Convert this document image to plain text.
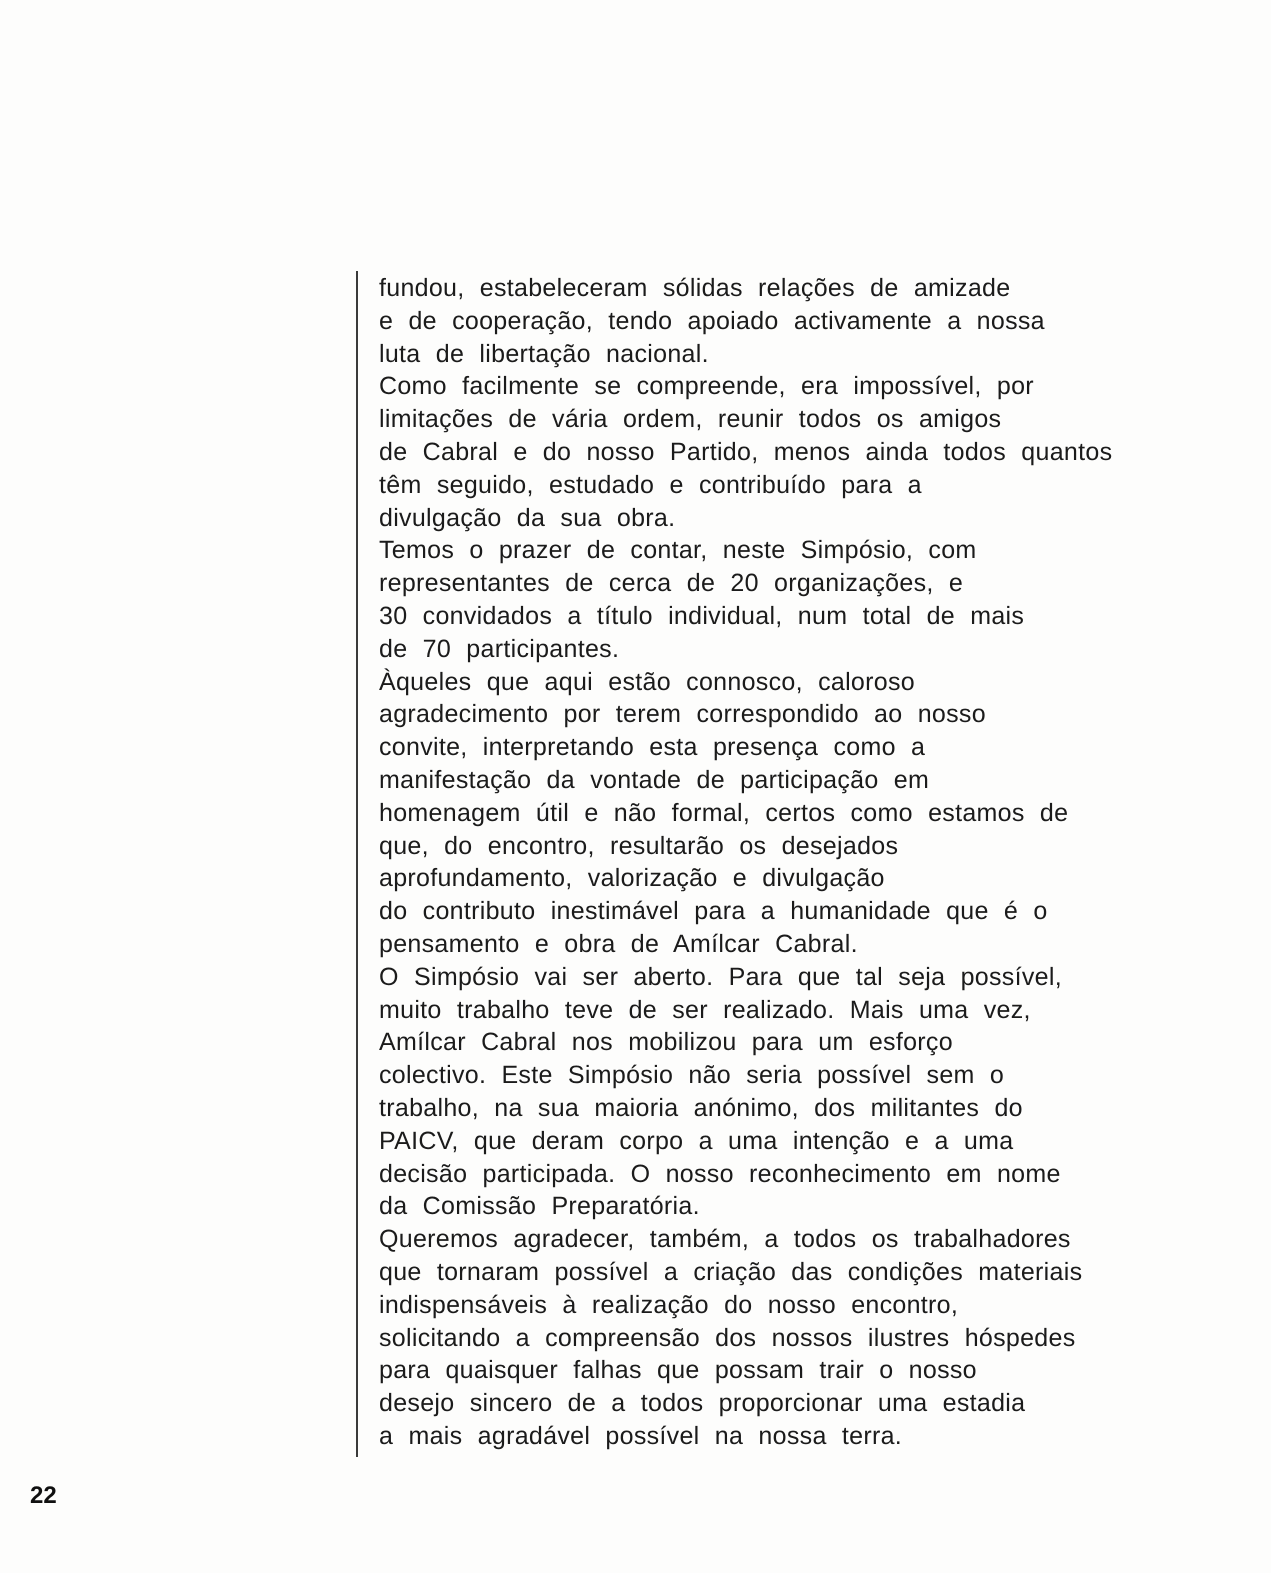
fundou, estabeleceram sólidas relações de amizade
e de cooperação, tendo apoiado activamente a nossa
luta de libertação nacional.
Como facilmente se compreende, era impossível, por
limitações de vária ordem, reunir todos os amigos
de Cabral e do nosso Partido, menos ainda todos quantos
têm seguido, estudado e contribuído para a
divulgação da sua obra.
Temos o prazer de contar, neste Simpósio, com
representantes de cerca de 20 organizações, e
30 convidados a título individual, num total de mais
de 70 participantes.
Àqueles que aqui estão connosco, caloroso
agradecimento por terem correspondido ao nosso
convite, interpretando esta presença como a
manifestação da vontade de participação em
homenagem útil e não formal, certos como estamos de
que, do encontro, resultarão os desejados
aprofundamento, valorização e divulgação
do contributo inestimável para a humanidade que é o
pensamento e obra de Amílcar Cabral.
O Simpósio vai ser aberto. Para que tal seja possível,
muito trabalho teve de ser realizado. Mais uma vez,
Amílcar Cabral nos mobilizou para um esforço
colectivo. Este Simpósio não seria possível sem o
trabalho, na sua maioria anónimo, dos militantes do
PAICV, que deram corpo a uma intenção e a uma
decisão participada. O nosso reconhecimento em nome
da Comissão Preparatória.
Queremos agradecer, também, a todos os trabalhadores
que tornaram possível a criação das condições materiais
indispensáveis à realização do nosso encontro,
solicitando a compreensão dos nossos ilustres hóspedes
para quaisquer falhas que possam trair o nosso
desejo sincero de a todos proporcionar uma estadia
a mais agradável possível na nossa terra.
22
